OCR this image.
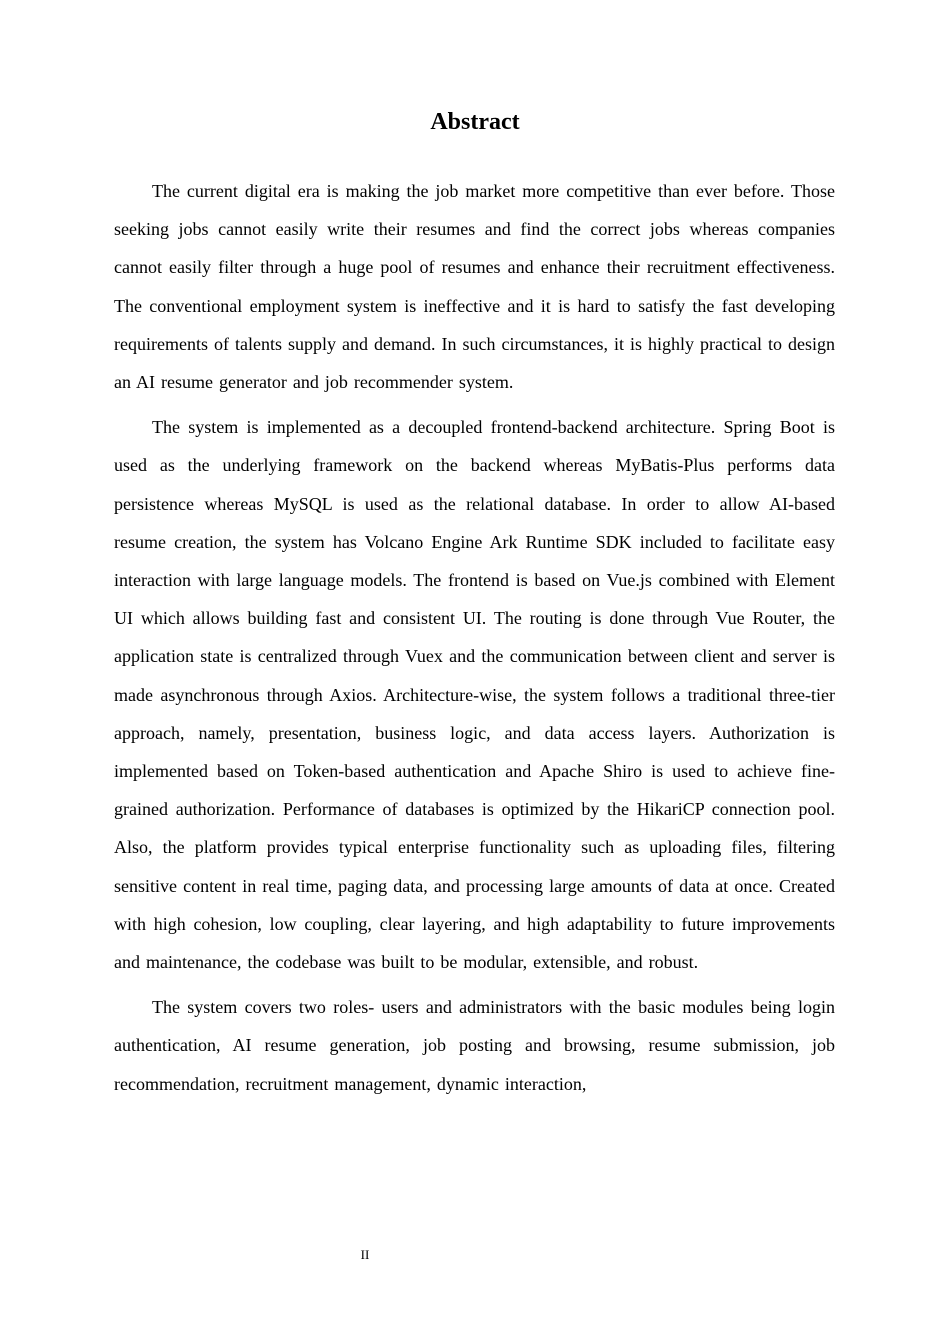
Abstract

The current digital era is making the job market more competitive than ever before. Those seeking jobs cannot easily write their resumes and find the correct jobs whereas companies cannot easily filter through a huge pool of resumes and enhance their recruitment effectiveness. The conventional employment system is ineffective and it is hard to satisfy the fast developing requirements of talents supply and demand. In such circumstances, it is highly practical to design an AI resume generator and job recommender system.

The system is implemented as a decoupled frontend-backend architecture. Spring Boot is used as the underlying framework on the backend whereas MyBatis-Plus performs data persistence whereas MySQL is used as the relational database. In order to allow AI-based resume creation, the system has Volcano Engine Ark Runtime SDK included to facilitate easy interaction with large language models. The frontend is based on Vue.js combined with Element UI which allows building fast and consistent UI. The routing is done through Vue Router, the application state is centralized through Vuex and the communication between client and server is made asynchronous through Axios. Architecture-wise, the system follows a traditional three-tier approach, namely, presentation, business logic, and data access layers. Authorization is implemented based on Token-based authentication and Apache Shiro is used to achieve fine-grained authorization. Performance of databases is optimized by the HikariCP connection pool. Also, the platform provides typical enterprise functionality such as uploading files, filtering sensitive content in real time, paging data, and processing large amounts of data at once. Created with high cohesion, low coupling, clear layering, and high adaptability to future improvements and maintenance, the codebase was built to be modular, extensible, and robust.

The system covers two roles- users and administrators with the basic modules being login authentication, AI resume generation, job posting and browsing, resume submission, job recommendation, recruitment management, dynamic interaction,

II
